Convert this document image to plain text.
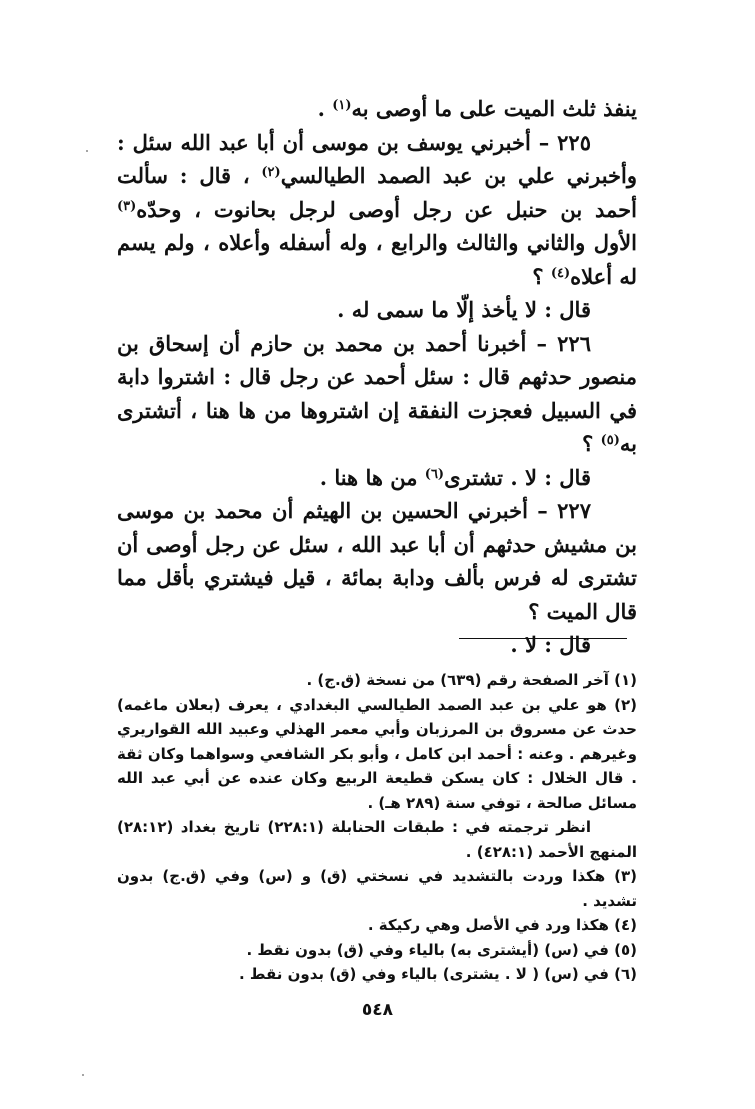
ينفذ ثلث الميت على ما أوصى به$^{(١)}$ .

٢٢٥ – أخبرني يوسف بن موسى أن أبا عبد الله سئل : وأخبرني علي بن عبد الصمد الطيالسي$^{(٢)}$ ، قال : سألت أحمد بن حنبل عن رجل أوصى لرجل بحانوت ، وحدّه$^{(٣)}$ الأول والثاني والثالث والرابع ، وله أسفله وأعلاه ، ولم يسم له أعلاه$^{(٤)}$ ؟

قال : لا يأخذ إلّا ما سمى له .

٢٢٦ – أخبرنا أحمد بن محمد بن حازم أن إسحاق بن منصور حدثهم قال : سئل أحمد عن رجل قال : اشتروا دابة في السبيل فعجزت النفقة إن اشتروها من ها هنا ، أتشترى به$^{(٥)}$ ؟

قال : لا . تشترى$^{(٦)}$ من ها هنا .

٢٢٧ – أخبرني الحسين بن الهيثم أن محمد بن موسى بن مشيش حدثهم أن أبا عبد الله ، سئل عن رجل أوصى أن تشترى له فرس بألف ودابة بمائة ، قيل فيشتري بأقل مما قال الميت ؟

قال : لا .

(١) آخر الصفحة رقم (٦٣٩) من نسخة (ق.ج) .

(٢) هو علي بن عبد الصمد الطيالسي البغدادي ، يعرف (بعلان ماغمه) حدث عن مسروق بن المرزبان وأبي معمر الهذلي وعبيد الله القواريري وغيرهم . وعنه : أحمد ابن كامل ، وأبو بكر الشافعي وسواهما وكان ثقة . قال الخلال : كان يسكن قطيعة الربيع وكان عنده عن أبي عبد الله مسائل صالحة ، توفي سنة (٢٨٩ هـ) .

انظر ترجمته في : طبقات الحنابلة (٢٢٨:١) تاريخ بغداد (٢٨:١٢) المنهج الأحمد (٤٢٨:١) .

(٣) هكذا وردت بالتشديد في نسختي (ق) و (س) وفي (ق.ج) بدون تشديد .

(٤) هكذا ورد في الأصل وهي ركيكة .

(٥) في (س) (أيشترى به) بالياء وفي (ق) بدون نقط .

(٦) في (س) ( لا . يشترى) بالياء وفي (ق) بدون نقط .

٥٤٨
